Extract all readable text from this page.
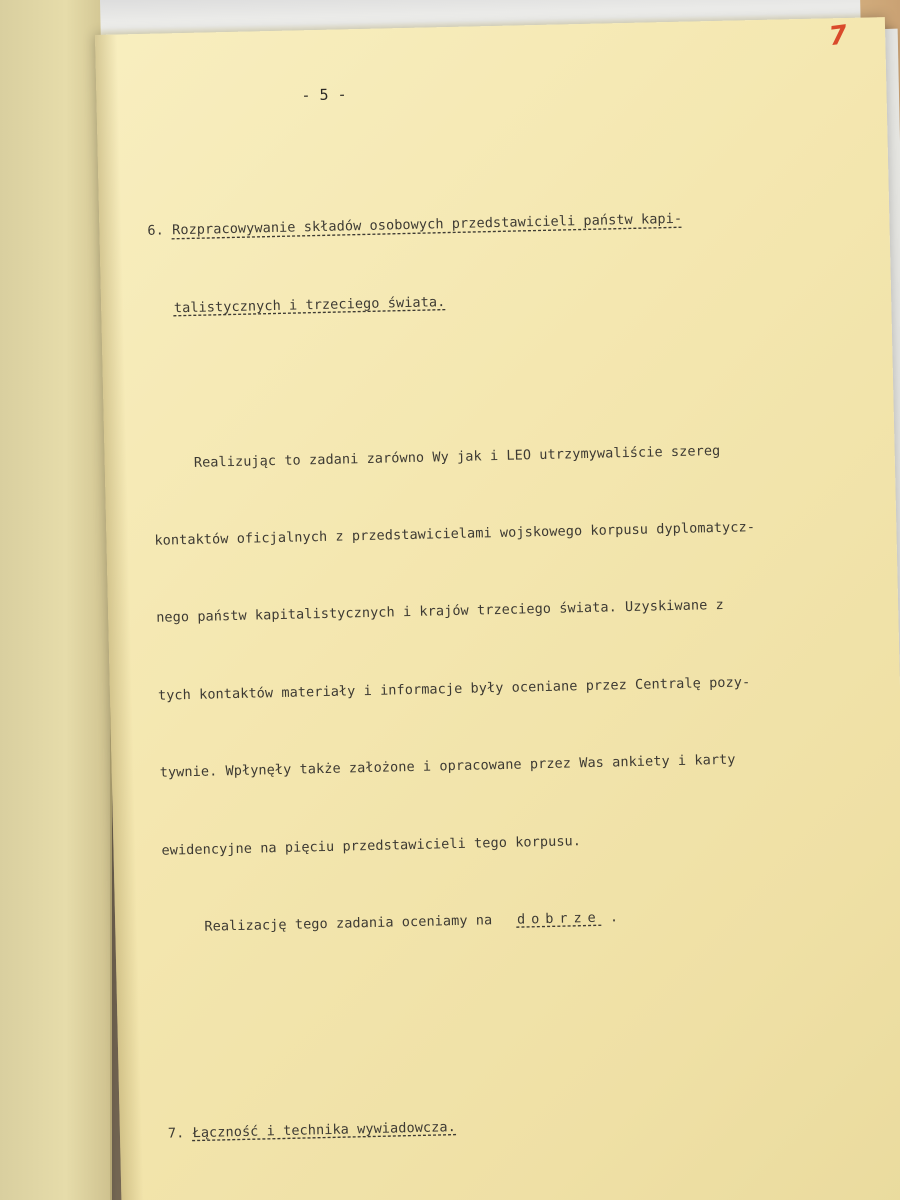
7
- 5 -

6. Rozpracowywanie składów osobowych przedstawicieli państw kapi-

talistycznych i trzeciego świata.

Realizując to zadani zarówno Wy jak i LEO utrzymywaliście szereg

kontaktów oficjalnych z przedstawicielami wojskowego korpusu dyplomatycz-

nego państw kapitalistycznych i krajów trzeciego świata. Uzyskiwane z

tych kontaktów materiały i informacje były oceniane przez Centralę pozy-

tywnie. Wpłynęły także założone i opracowane przez Was ankiety i karty

ewidencyjne na pięciu przedstawicieli tego korpusu.

Realizację tego zadania oceniamy na dobrze .

7. Łączność i technika wywiadowcza.
